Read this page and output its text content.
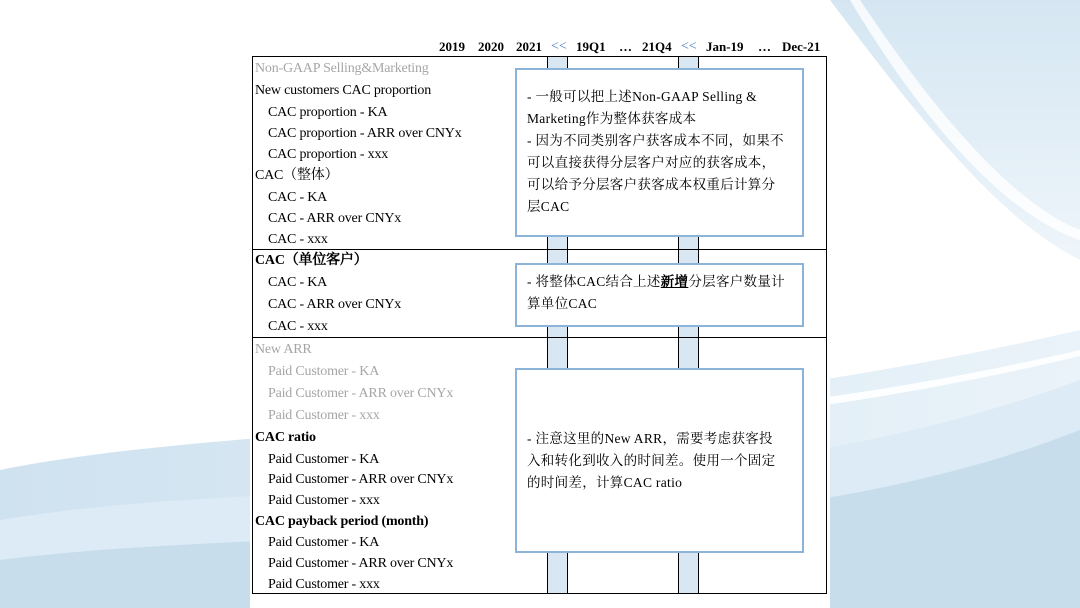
2019 2020 2021 << 19Q1 … 21Q4 << Jan-19 … Dec-21
Non-GAAP Selling&Marketing
New customers CAC proportion
CAC proportion - KA
CAC proportion - ARR over CNYx
CAC proportion - xxx
CAC（整体）
CAC - KA
CAC - ARR over CNYx
CAC - xxx
CAC（单位客户）
CAC - KA
CAC - ARR over CNYx
CAC - xxx
New ARR
Paid Customer - KA
Paid Customer - ARR over CNYx
Paid Customer - xxx
CAC ratio
Paid Customer - KA
Paid Customer - ARR over CNYx
Paid Customer - xxx
CAC payback period (month)
Paid Customer - KA
Paid Customer - ARR over CNYx
Paid Customer - xxx

- 一般可以把上述Non-GAAP Selling &

Marketing作为整体获客成本

- 因为不同类别客户获客成本不同，如果不

可以直接获得分层客户对应的获客成本，

可以给予分层客户获客成本权重后计算分

层CAC

- 将整体CAC结合上述新增分层客户数量计

算单位CAC

- 注意这里的New ARR，需要考虑获客投

入和转化到收入的时间差。使用一个固定

的时间差，计算CAC ratio
